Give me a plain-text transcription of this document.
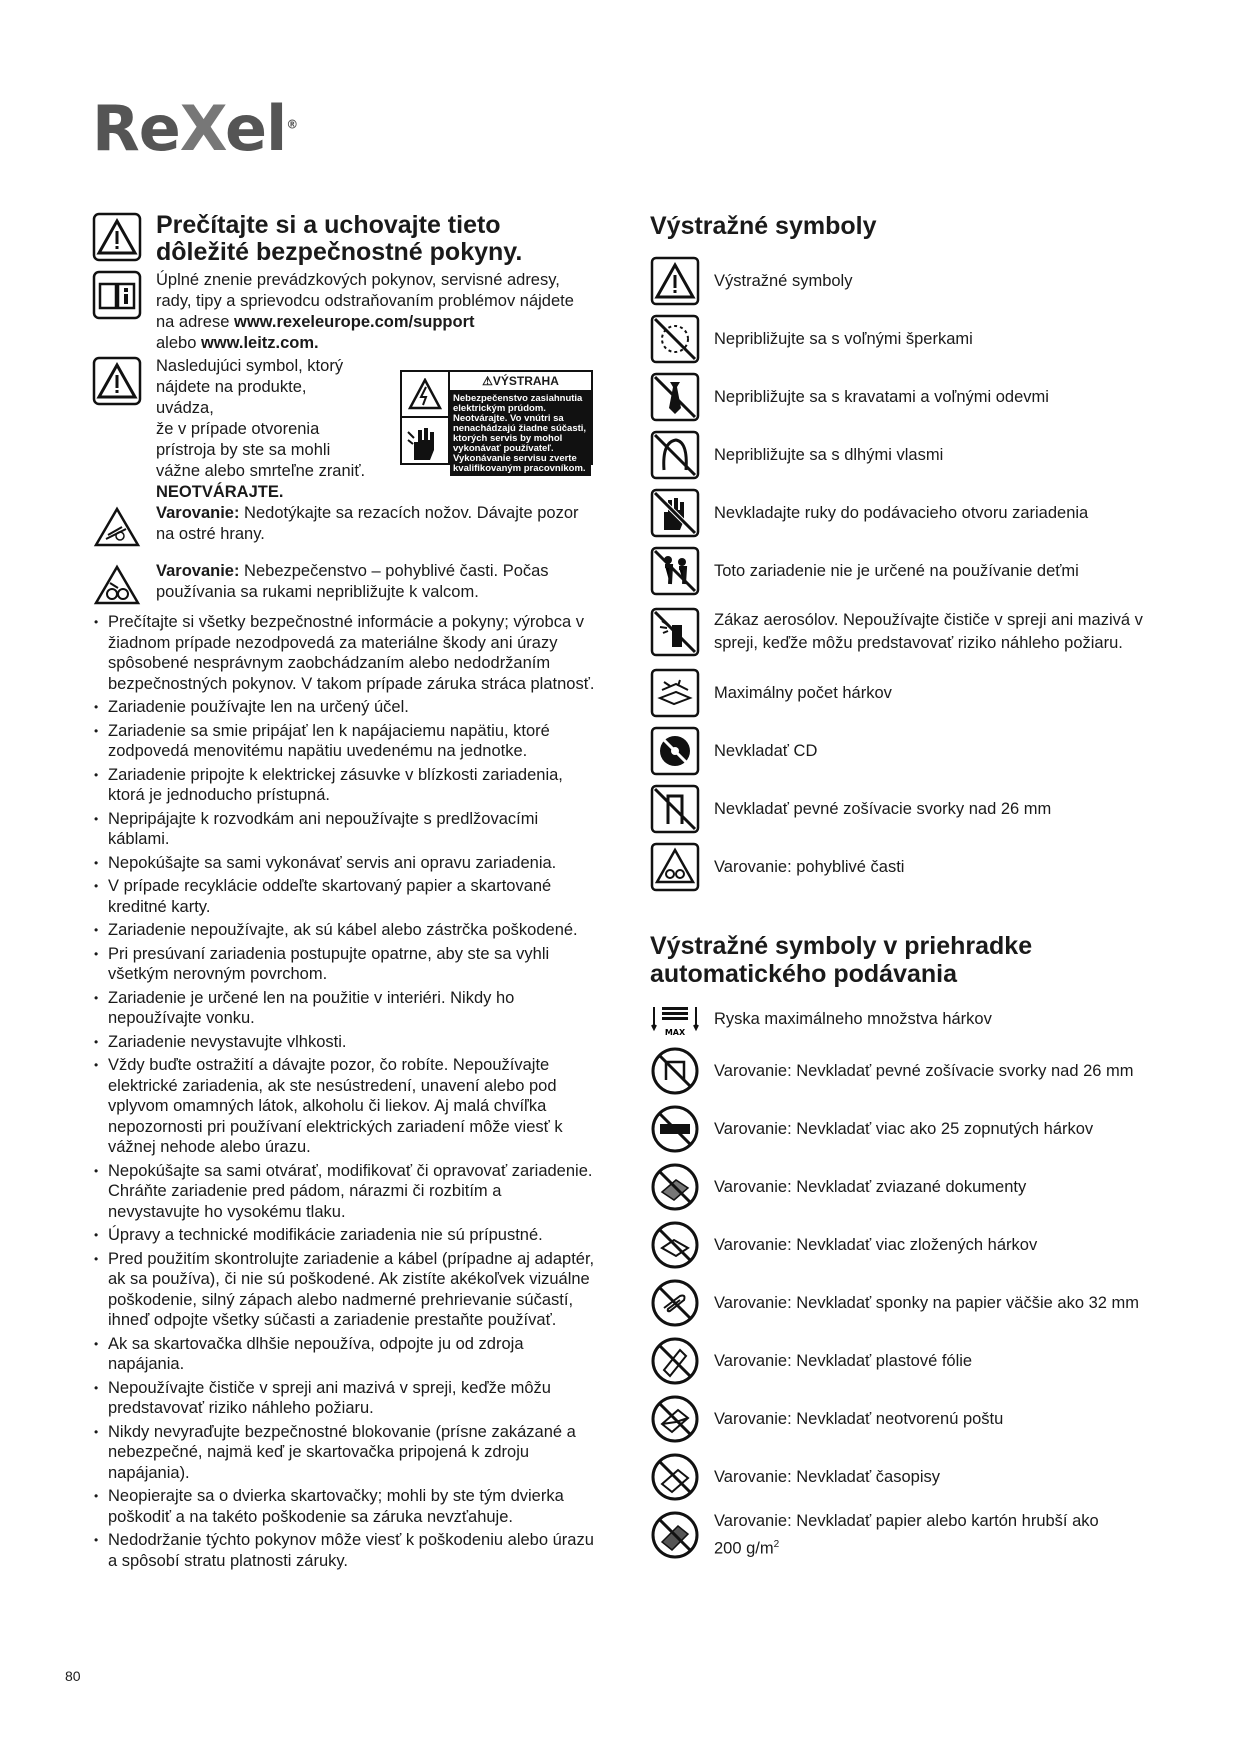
ReXel®
Prečítajte si a uchovajte tieto
dôležité bezpečnostné pokyny.
Úplné znenie prevádzkových pokynov, servisné adresy,
rady, tipy a sprievodcu odstraňovaním problémov nájdete
na adrese www.rexeleurope.com/support
alebo www.leitz.com.
Nasledujúci symbol, ktorý
nájdete na produkte, uvádza,
že v prípade otvorenia
prístroja by ste sa mohli
vážne alebo smrteľne zraniť.
NEOTVÁRAJTE.
Varovanie: Nedotýkajte sa rezacích nožov. Dávajte pozor
na ostré hrany.
Varovanie: Nebezpečenstvo – pohyblivé časti. Počas
používania sa rukami nepribližujte k valcom.
⚠VÝSTRAHA
Nebezpečenstvo zasiahnutia elektrickým prúdom. Neotvárajte. Vo vnútri sa nenachádzajú žiadne súčasti, ktorých servis by mohol vykonávať používateľ. Vykonávanie servisu zverte kvalifikovaným pracovníkom.
• Prečítajte si všetky bezpečnostné informácie a pokyny; výrobca v žiadnom prípade nezodpovedá za materiálne škody ani úrazy spôsobené nesprávnym zaobchádzaním alebo nedodržaním bezpečnostných pokynov. V takom prípade záruka stráca platnosť.
• Zariadenie používajte len na určený účel.
• Zariadenie sa smie pripájať len k napájaciemu napätiu, ktoré zodpovedá menovitému napätiu uvedenému na jednotke.
• Zariadenie pripojte k elektrickej zásuvke v blízkosti zariadenia, ktorá je jednoducho prístupná.
• Nepripájajte k rozvodkám ani nepoužívajte s predlžovacími káblami.
• Nepokúšajte sa sami vykonávať servis ani opravu zariadenia.
• V prípade recyklácie oddeľte skartovaný papier a skartované kreditné karty.
• Zariadenie nepoužívajte, ak sú kábel alebo zástrčka poškodené.
• Pri presúvaní zariadenia postupujte opatrne, aby ste sa vyhli všetkým nerovným povrchom.
• Zariadenie je určené len na použitie v interiéri. Nikdy ho nepoužívajte vonku.
• Zariadenie nevystavujte vlhkosti.
• Vždy buďte ostražití a dávajte pozor, čo robíte. Nepoužívajte elektrické zariadenia, ak ste nesústredení, unavení alebo pod vplyvom omamných látok, alkoholu či liekov. Aj malá chvíľka nepozornosti pri používaní elektrických zariadení môže viesť k vážnej nehode alebo úrazu.
• Nepokúšajte sa sami otvárať, modifikovať či opravovať zariadenie. Chráňte zariadenie pred pádom, nárazmi či rozbitím a nevystavujte ho vysokému tlaku.
• Úpravy a technické modifikácie zariadenia nie sú prípustné.
• Pred použitím skontrolujte zariadenie a kábel (prípadne aj adaptér, ak sa používa), či nie sú poškodené. Ak zistíte akékoľvek vizuálne poškodenie, silný zápach alebo nadmerné prehrievanie súčastí, ihneď odpojte všetky súčasti a zariadenie prestaňte používať.
• Ak sa skartovačka dlhšie nepoužíva, odpojte ju od zdroja napájania.
• Nepoužívajte čističe v spreji ani mazivá v spreji, keďže môžu predstavovať riziko náhleho požiaru.
• Nikdy nevyraďujte bezpečnostné blokovanie (prísne zakázané a nebezpečné, najmä keď je skartovačka pripojená k zdroju napájania).
• Neopierajte sa o dvierka skartovačky; mohli by ste tým dvierka poškodiť a na takéto poškodenie sa záruka nevzťahuje.
• Nedodržanie týchto pokynov môže viesť k poškodeniu alebo úrazu a spôsobí stratu platnosti záruky.
Výstražné symboly
Výstražné symboly
Nepribližujte sa s voľnými šperkami
Nepribližujte sa s kravatami a voľnými odevmi
Nepribližujte sa s dlhými vlasmi
Nevkladajte ruky do podávacieho otvoru zariadenia
Toto zariadenie nie je určené na používanie deťmi
Zákaz aerosólov. Nepoužívajte čističe v spreji ani mazivá v spreji, keďže môžu predstavovať riziko náhleho požiaru.
Maximálny počet hárkov
Nevkladať CD
Nevkladať pevné zošívacie svorky nad 26 mm
Varovanie: pohyblivé časti
Výstražné symboly v priehradke
automatického podávania
MAX
Ryska maximálneho množstva hárkov
Varovanie: Nevkladať pevné zošívacie svorky nad 26 mm
Varovanie: Nevkladať viac ako 25 zopnutých hárkov
Varovanie: Nevkladať zviazané dokumenty
Varovanie: Nevkladať viac zložených hárkov
Varovanie: Nevkladať sponky na papier väčšie ako 32 mm
Varovanie: Nevkladať plastové fólie
Varovanie: Nevkladať neotvorenú poštu
Varovanie: Nevkladať časopisy
Varovanie: Nevkladať papier alebo kartón hrubší ako
200 $g/m^2$
80
